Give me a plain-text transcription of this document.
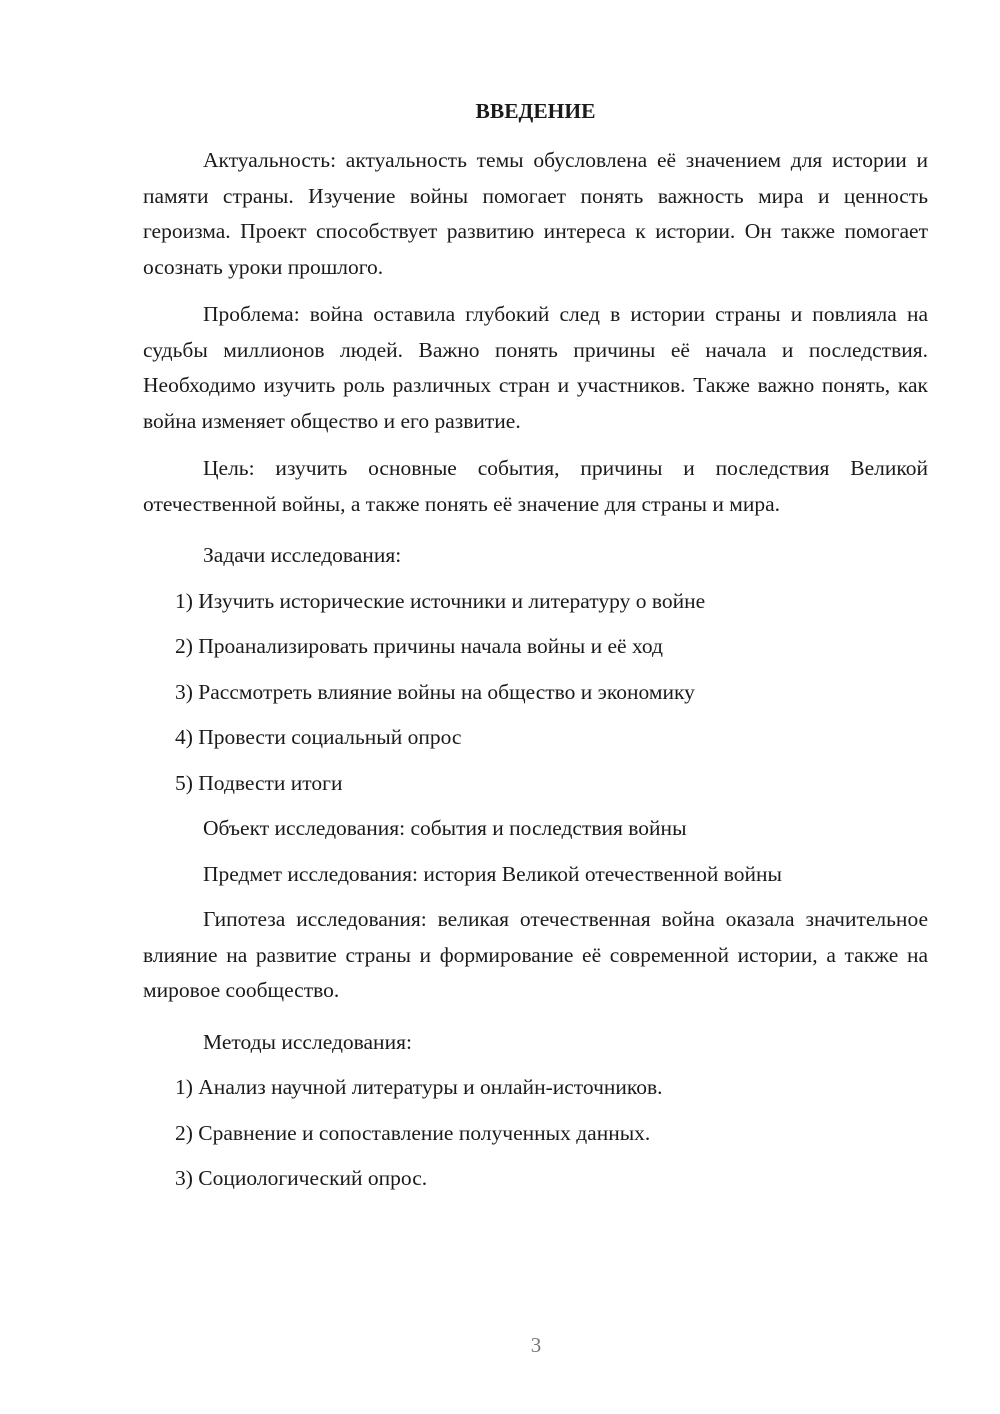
ВВЕДЕНИЕ

Актуальность: актуальность темы обусловлена её значением для истории и памяти страны. Изучение войны помогает понять важность мира и ценность героизма. Проект способствует развитию интереса к истории. Он также помогает осознать уроки прошлого.

Проблема: война оставила глубокий след в истории страны и повлияла на судьбы миллионов людей. Важно понять причины её начала и последствия. Необходимо изучить роль различных стран и участников. Также важно понять, как война изменяет общество и его развитие.

Цель: изучить основные события, причины и последствия Великой отечественной войны, а также понять её значение для страны и мира.

Задачи исследования:

1) Изучить исторические источники и литературу о войне

2) Проанализировать причины начала войны и её ход

3) Рассмотреть влияние войны на общество и экономику

4) Провести социальный опрос

5) Подвести итоги

Объект исследования: события и последствия войны

Предмет исследования: история Великой отечественной войны

Гипотеза исследования: великая отечественная война оказала значительное влияние на развитие страны и формирование её современной истории, а также на мировое сообщество.

Методы исследования:

1) Анализ научной литературы и онлайн-источников.

2) Сравнение и сопоставление полученных данных.

3) Социологический опрос.

3
